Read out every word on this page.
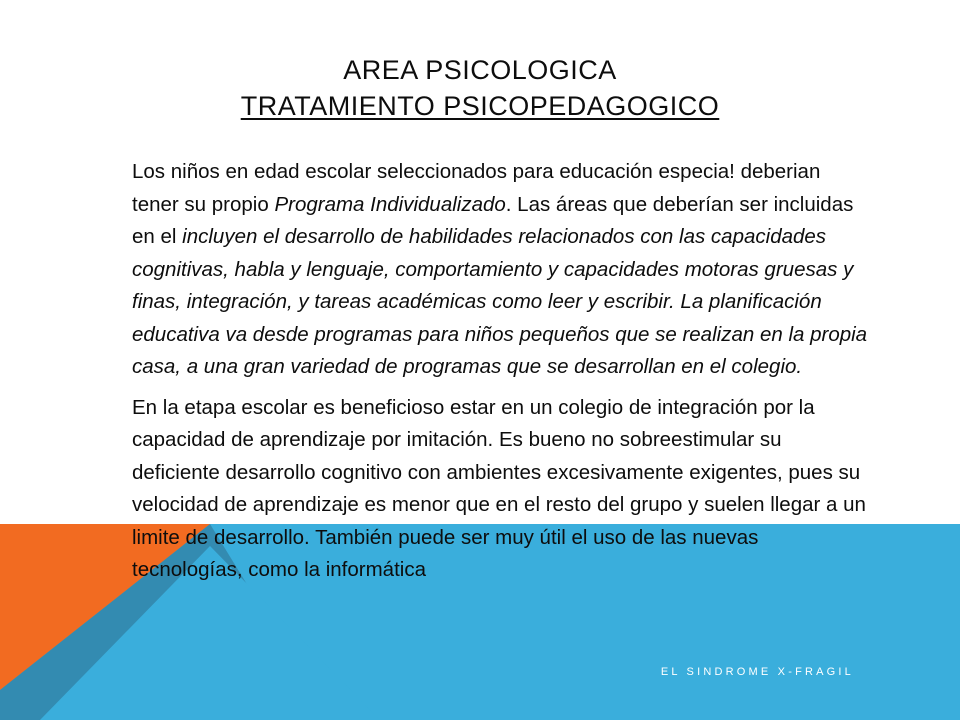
AREA PSICOLOGICA
TRATAMIENTO PSICOPEDAGOGICO

Los niños en edad escolar seleccionados para educación especia! deberian tener su propio Programa Individualizado. Las áreas que deberían ser incluidas en el incluyen el desarrollo de habilidades relacionados con las capacidades cognitivas, habla y lenguaje, comportamiento y capacidades motoras gruesas y finas, integración, y tareas académicas como leer y escribir. La planificación educativa va desde programas para niños pequeños que se realizan en la propia casa, a una gran variedad de programas que se desarrollan en el colegio.

En la etapa escolar es beneficioso estar en un colegio de integración por la capacidad de aprendizaje por imitación. Es bueno no sobreestimular su deficiente desarrollo cognitivo con ambientes excesivamente exigentes, pues su velocidad de aprendizaje es menor que en el resto del grupo y suelen llegar a un limite de desarrollo. También puede ser muy útil el uso de las nuevas tecnologías, como la informática

EL SINDROME X-FRAGIL
